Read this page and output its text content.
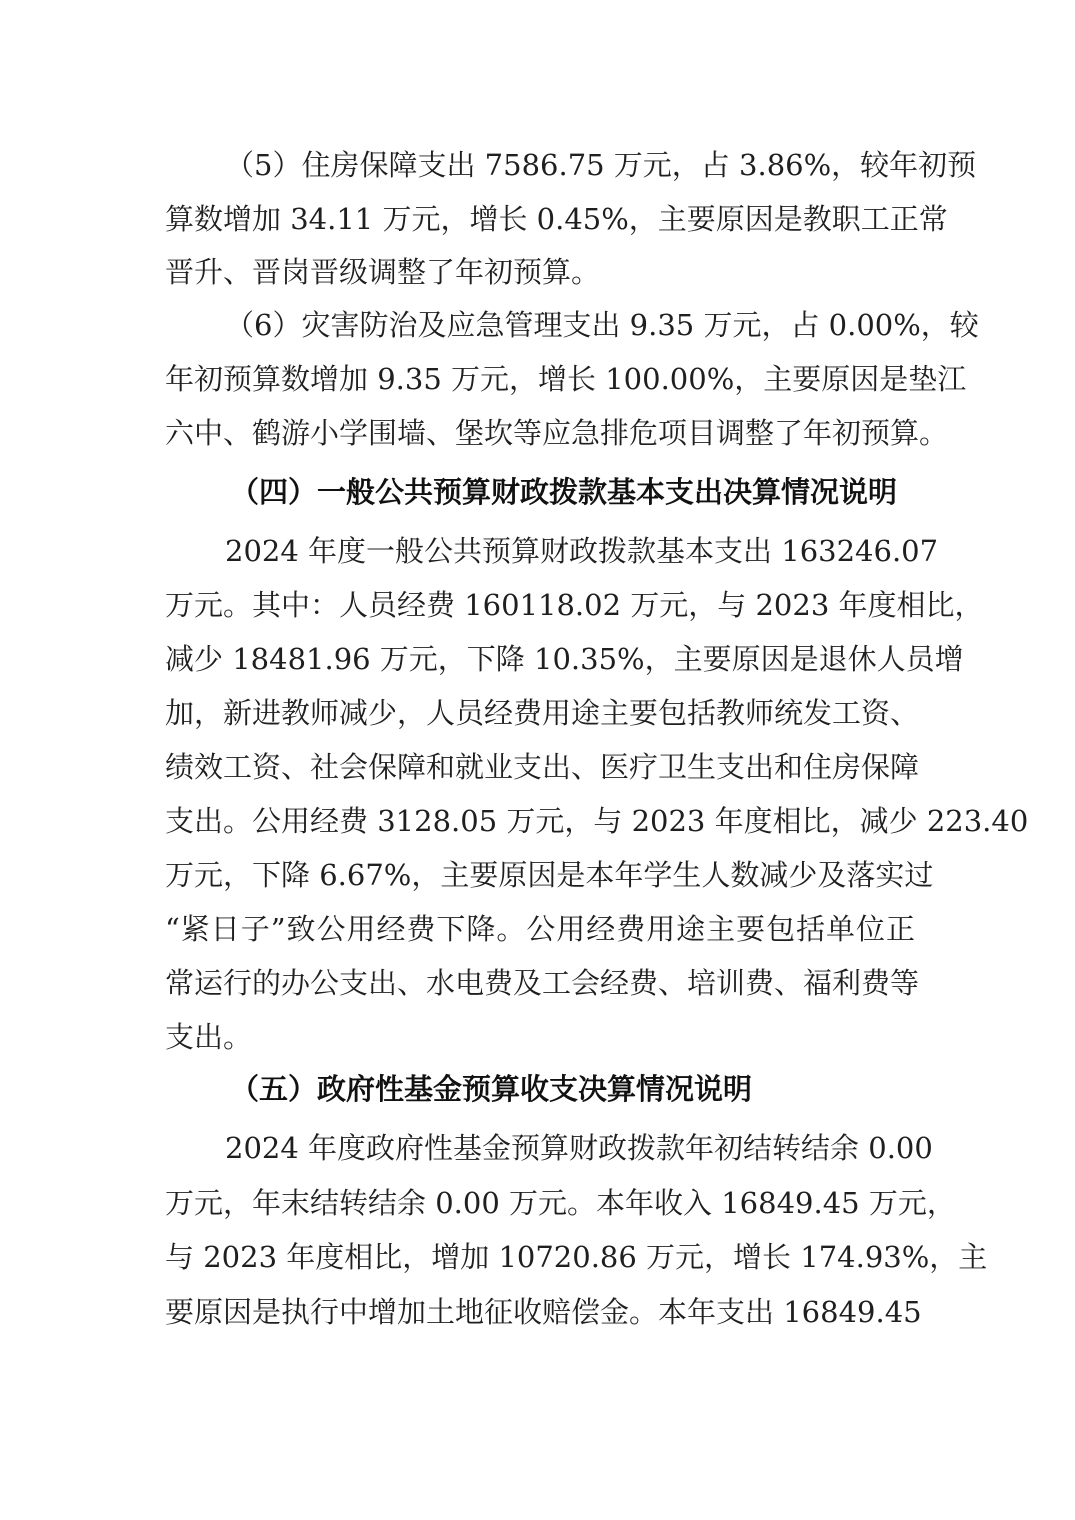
（5）住房保障支出 7586.75 万元，占 3.86%，较年初预
算数增加 34.11 万元，增长 0.45%，主要原因是教职工正常
晋升、晋岗晋级调整了年初预算。
（6）灾害防治及应急管理支出 9.35 万元，占 0.00%，较
年初预算数增加 9.35 万元，增长 100.00%，主要原因是垫江
六中、鹤游小学围墙、堡坎等应急排危项目调整了年初预算。
（四）一般公共预算财政拨款基本支出决算情况说明
2024 年度一般公共预算财政拨款基本支出 163246.07
万元。其中：人员经费 160118.02 万元，与 2023 年度相比，
减少 18481.96 万元，下降 10.35%，主要原因是退休人员增
加，新进教师减少，人员经费用途主要包括教师统发工资、
绩效工资、社会保障和就业支出、医疗卫生支出和住房保障
支出。公用经费 3128.05 万元，与 2023 年度相比，减少 223.40
万元，下降 6.67%，主要原因是本年学生人数减少及落实过
“紧日子”致公用经费下降。公用经费用途主要包括单位正
常运行的办公支出、水电费及工会经费、培训费、福利费等
支出。
（五）政府性基金预算收支决算情况说明
2024 年度政府性基金预算财政拨款年初结转结余 0.00
万元，年末结转结余 0.00 万元。本年收入 16849.45 万元，
与 2023 年度相比，增加 10720.86 万元，增长 174.93%，主
要原因是执行中增加土地征收赔偿金。本年支出 16849.45
